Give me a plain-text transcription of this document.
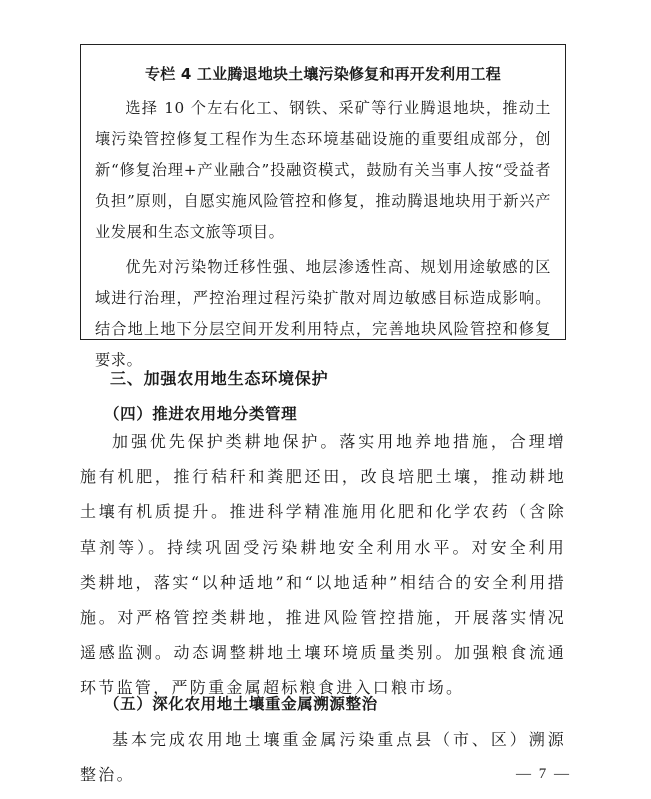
专栏 4 工业腾退地块土壤污染修复和再开发利用工程

选择 10 个左右化工、钢铁、采矿等行业腾退地块，推动土壤污染管控修复工程作为生态环境基础设施的重要组成部分，创新“修复治理+产业融合”投融资模式，鼓励有关当事人按“受益者负担”原则，自愿实施风险管控和修复，推动腾退地块用于新兴产业发展和生态文旅等项目。

优先对污染物迁移性强、地层渗透性高、规划用途敏感的区域进行治理，严控治理过程污染扩散对周边敏感目标造成影响。结合地上地下分层空间开发利用特点，完善地块风险管控和修复要求。

三、加强农用地生态环境保护
（四）推进农用地分类管理

加强优先保护类耕地保护。落实用地养地措施，合理增施有机肥，推行秸秆和粪肥还田，改良培肥土壤，推动耕地土壤有机质提升。推进科学精准施用化肥和化学农药（含除草剂等）。持续巩固受污染耕地安全利用水平。对安全利用类耕地，落实“以种适地”和“以地适种”相结合的安全利用措施。对严格管控类耕地，推进风险管控措施，开展落实情况遥感监测。动态调整耕地土壤环境质量类别。加强粮食流通环节监管，严防重金属超标粮食进入口粮市场。

（五）深化农用地土壤重金属溯源整治

基本完成农用地土壤重金属污染重点县（市、区）溯源整治。	— 7 —
